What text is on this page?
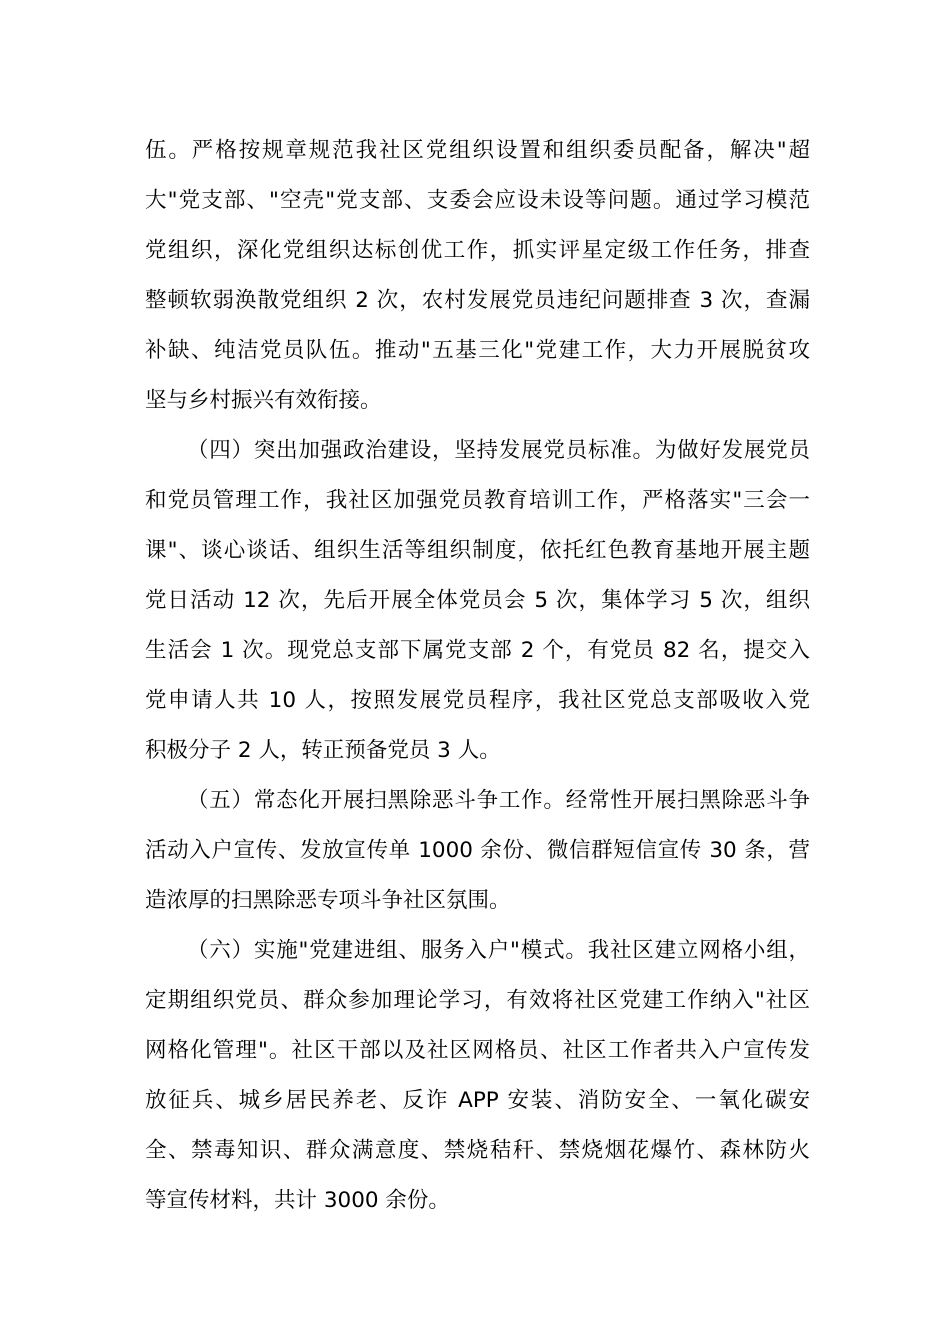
伍。严格按规章规范我社区党组织设置和组织委员配备，解决"超
大"党支部、"空壳"党支部、支委会应设未设等问题。通过学习模范
党组织，深化党组织达标创优工作，抓实评星定级工作任务，排查
整顿软弱涣散党组织 2 次，农村发展党员违纪问题排查 3 次，查漏
补缺、纯洁党员队伍。推动"五基三化"党建工作，大力开展脱贫攻
坚与乡村振兴有效衔接。
（四）突出加强政治建设，坚持发展党员标准。为做好发展党员
和党员管理工作，我社区加强党员教育培训工作，严格落实"三会一
课"、谈心谈话、组织生活等组织制度，依托红色教育基地开展主题
党日活动 12 次，先后开展全体党员会 5 次，集体学习 5 次，组织
生活会 1 次。现党总支部下属党支部 2 个，有党员 82 名，提交入
党申请人共 10 人，按照发展党员程序，我社区党总支部吸收入党
积极分子 2 人，转正预备党员 3 人。
（五）常态化开展扫黑除恶斗争工作。经常性开展扫黑除恶斗争
活动入户宣传、发放宣传单 1000 余份、微信群短信宣传 30 条，营
造浓厚的扫黑除恶专项斗争社区氛围。
（六）实施"党建进组、服务入户"模式。我社区建立网格小组，
定期组织党员、群众参加理论学习，有效将社区党建工作纳入"社区
网格化管理"。社区干部以及社区网格员、社区工作者共入户宣传发
放征兵、城乡居民养老、反诈 APP 安装、消防安全、一氧化碳安
全、禁毒知识、群众满意度、禁烧秸秆、禁烧烟花爆竹、森林防火
等宣传材料，共计 3000 余份。
